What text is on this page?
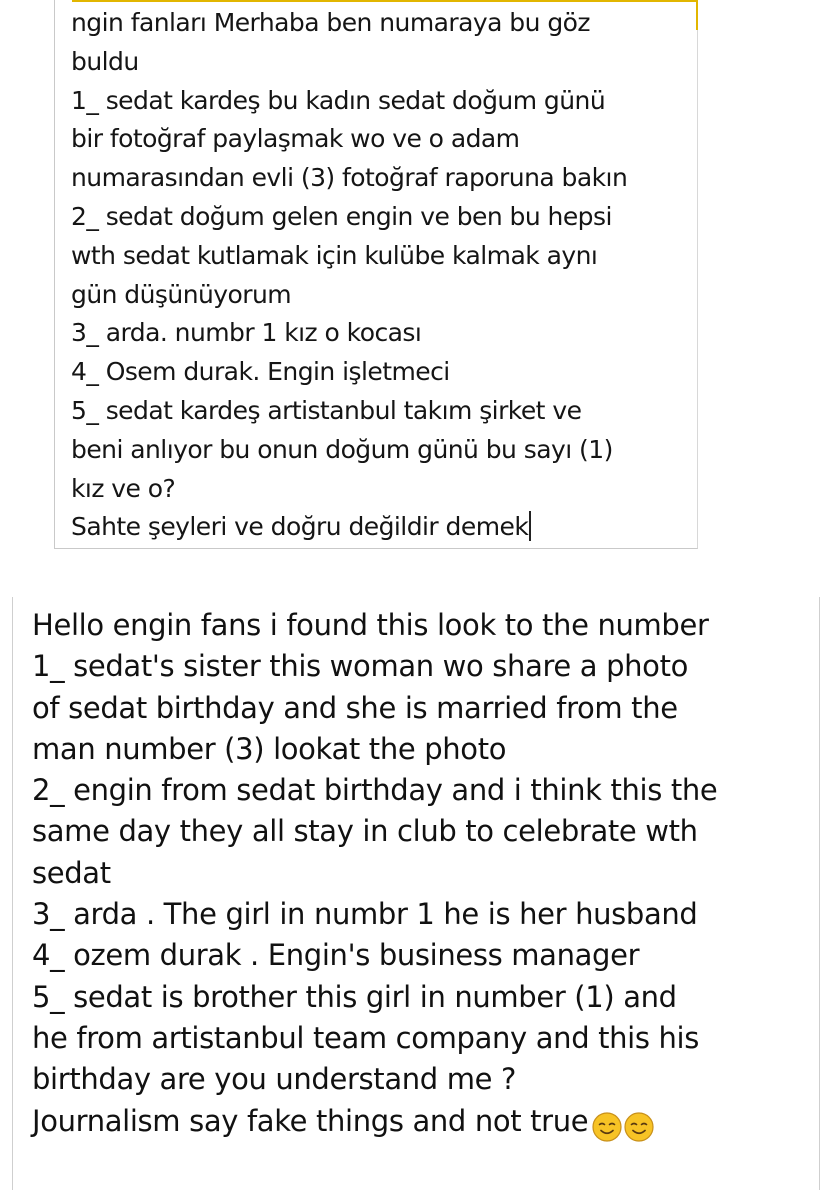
ngin fanları Merhaba ben numaraya bu göz
buldu
1_ sedat kardeş bu kadın sedat doğum günü
bir fotoğraf paylaşmak wo ve o adam
numarasından evli (3) fotoğraf raporuna bakın
2_ sedat doğum gelen engin ve ben bu hepsi
wth sedat kutlamak için kulübe kalmak aynı
gün düşünüyorum
3_ arda. numbr 1 kız o kocası
4_ Osem durak. Engin işletmeci
5_ sedat kardeş artistanbul takım şirket ve
beni anlıyor bu onun doğum günü bu sayı (1)
kız ve o?
Sahte şeyleri ve doğru değildir demek
Hello engin fans i found this look to the number
1_ sedat's sister this woman wo share a photo
of sedat birthday and she is married from the
man number (3) lookat the photo
2_ engin from sedat birthday and i think this the
same day they all stay in club to celebrate wth
sedat
3_ arda . The girl in numbr 1 he is her husband
4_ ozem durak . Engin's business manager
5_ sedat is brother this girl in number (1) and
he from artistanbul team company and this his
birthday are you understand me ?
Journalism say fake things and not true
